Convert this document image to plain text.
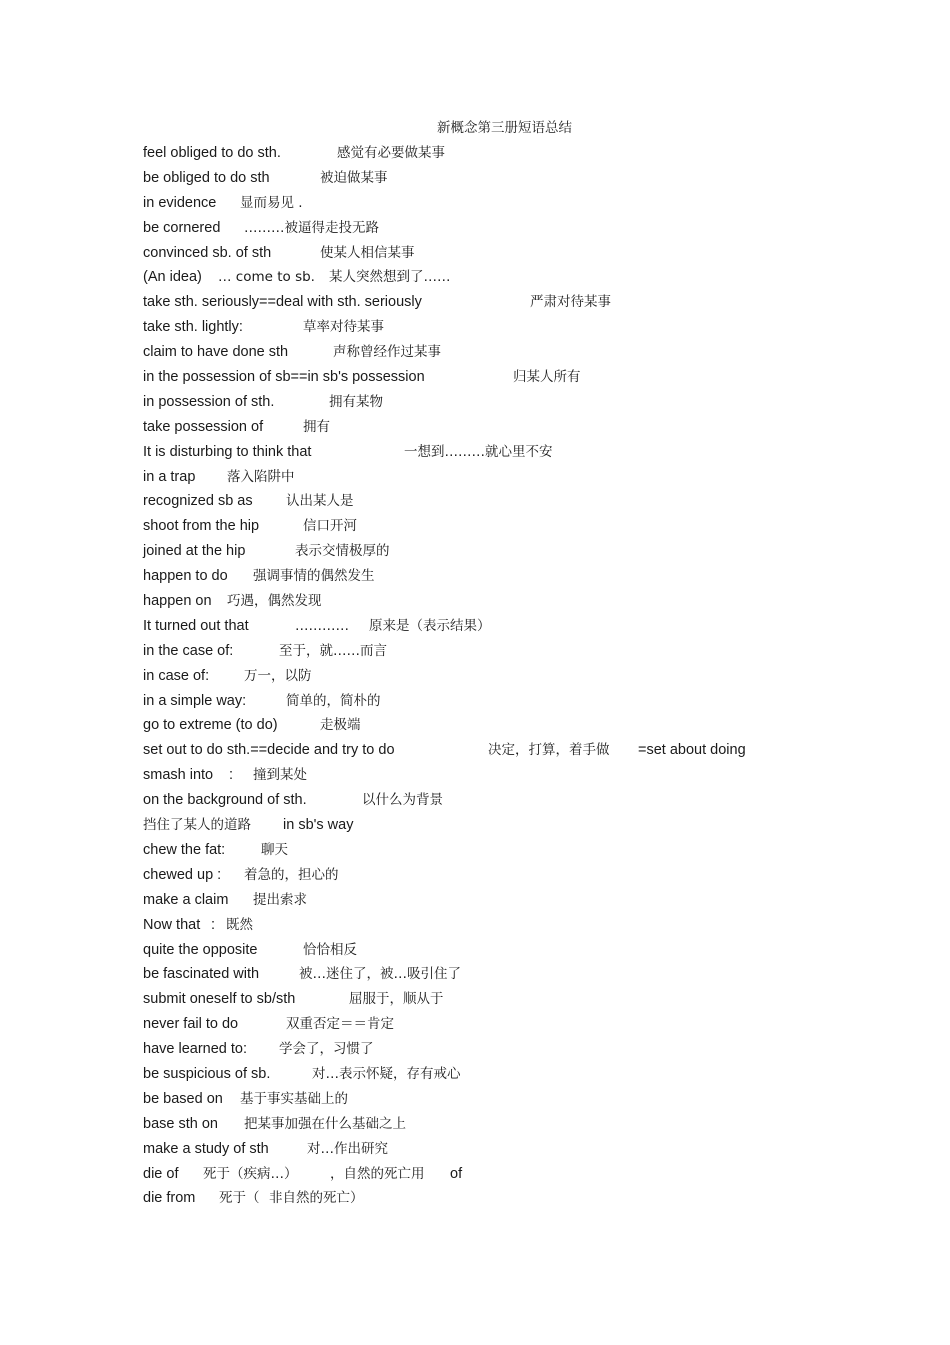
新概念第三册短语总结
feel obliged to do sth.	感觉有必要做某事
be obliged to do sth	被迫做某事
in evidence 显而易见 .
be cornered ………被逼得走投无路
convinced sb. of sth	使某人相信某事
(An idea) … come to sb. 某人突然想到了……
take sth. seriously==deal with sth. seriously	严肃对待某事
take sth. lightly:	草率对待某事
claim to have done sth	声称曾经作过某事
in the possession of sb==in sb's possession	归某人所有
in possession of sth.	拥有某物
take possession of	拥有
It is disturbing to think that	一想到………就心里不安
in a trap 落入陷阱中
recognized sb as 认出某人是
shoot from the hip	信口开河
joined at the hip	表示交情极厚的
happen to do 强调事情的偶然发生
happen on 巧遇，偶然发现
It turned out that	………… 原来是（表示结果）
in the case of:	至于，就……而言
in case of:	万一，以防
in a simple way:	简单的，简朴的
go to extreme (to do)	走极端
set out to do sth.==decide and try to do	决定，打算，着手做 =set about doing
smash into : 撞到某处
on the background of sth.	以什么为背景
挡住了某人的道路 in sb's way
chew the fat:	聊天
chewed up : 着急的，担心的
make a claim 提出索求
Now that : 既然
quite the opposite	恰恰相反
be fascinated with	被…迷住了，被…吸引住了
submit oneself to sb/sth	屈服于，顺从于
never fail to do	双重否定＝＝肯定
have learned to: 学会了，习惯了
be suspicious of sb.	对…表示怀疑，存有戒心
be based on 基于事实基础上的
base sth on 把某事加强在什么基础之上
make a study of sth	对…作出研究
die of 死于（疾病…） ，自然的死亡用 of
die from 死于（ 非自然的死亡）
